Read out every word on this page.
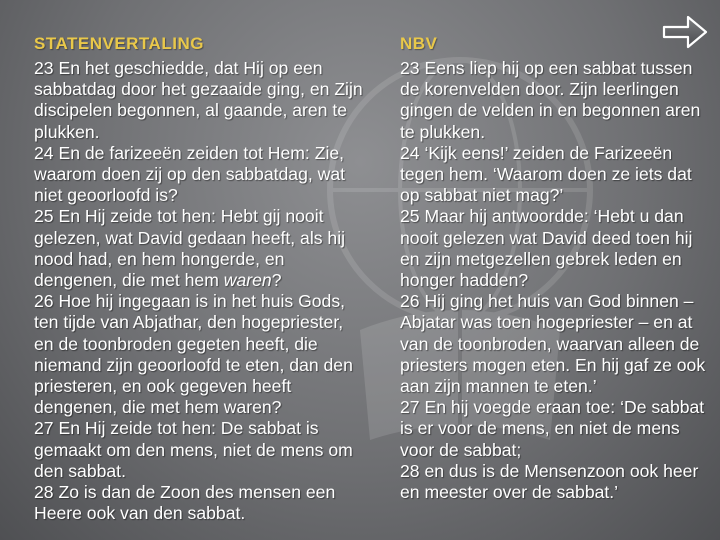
STATENVERTALING

23 En het geschiedde, dat Hij op een sabbatdag door het gezaaide ging, en Zijn discipelen begonnen, al gaande, aren te plukken.

24 En de farizeeën zeiden tot Hem: Zie, waarom doen zij op den sabbatdag, wat niet geoorloofd is?

25 En Hij zeide tot hen: Hebt gij nooit gelezen, wat David gedaan heeft, als hij nood had, en hem hongerde, en dengenen, die met hem waren?

26 Hoe hij ingegaan is in het huis Gods, ten tijde van Abjathar, den hogepriester, en de toonbroden gegeten heeft, die niemand zijn geoorloofd te eten, dan den priesteren, en ook gegeven heeft dengenen, die met hem waren?

27 En Hij zeide tot hen: De sabbat is gemaakt om den mens, niet de mens om den sabbat.

28 Zo is dan de Zoon des mensen een Heere ook van den sabbat.

NBV

23 Eens liep hij op een sabbat tussen de korenvelden door. Zijn leerlingen gingen de velden in en begonnen aren te plukken.

24 ‘Kijk eens!’ zeiden de Farizeeën tegen hem. ‘Waarom doen ze iets dat op sabbat niet mag?’

25 Maar hij antwoordde: ‘Hebt u dan nooit gelezen wat David deed toen hij en zijn metgezellen gebrek leden en honger hadden?

26 Hij ging het huis van God binnen – Abjatar was toen hogepriester – en at van de toonbroden, waarvan alleen de priesters mogen eten. En hij gaf ze ook aan zijn mannen te eten.’

27 En hij voegde eraan toe: ‘De sabbat is er voor de mens, en niet de mens voor de sabbat;

28 en dus is de Mensenzoon ook heer en meester over de sabbat.’
